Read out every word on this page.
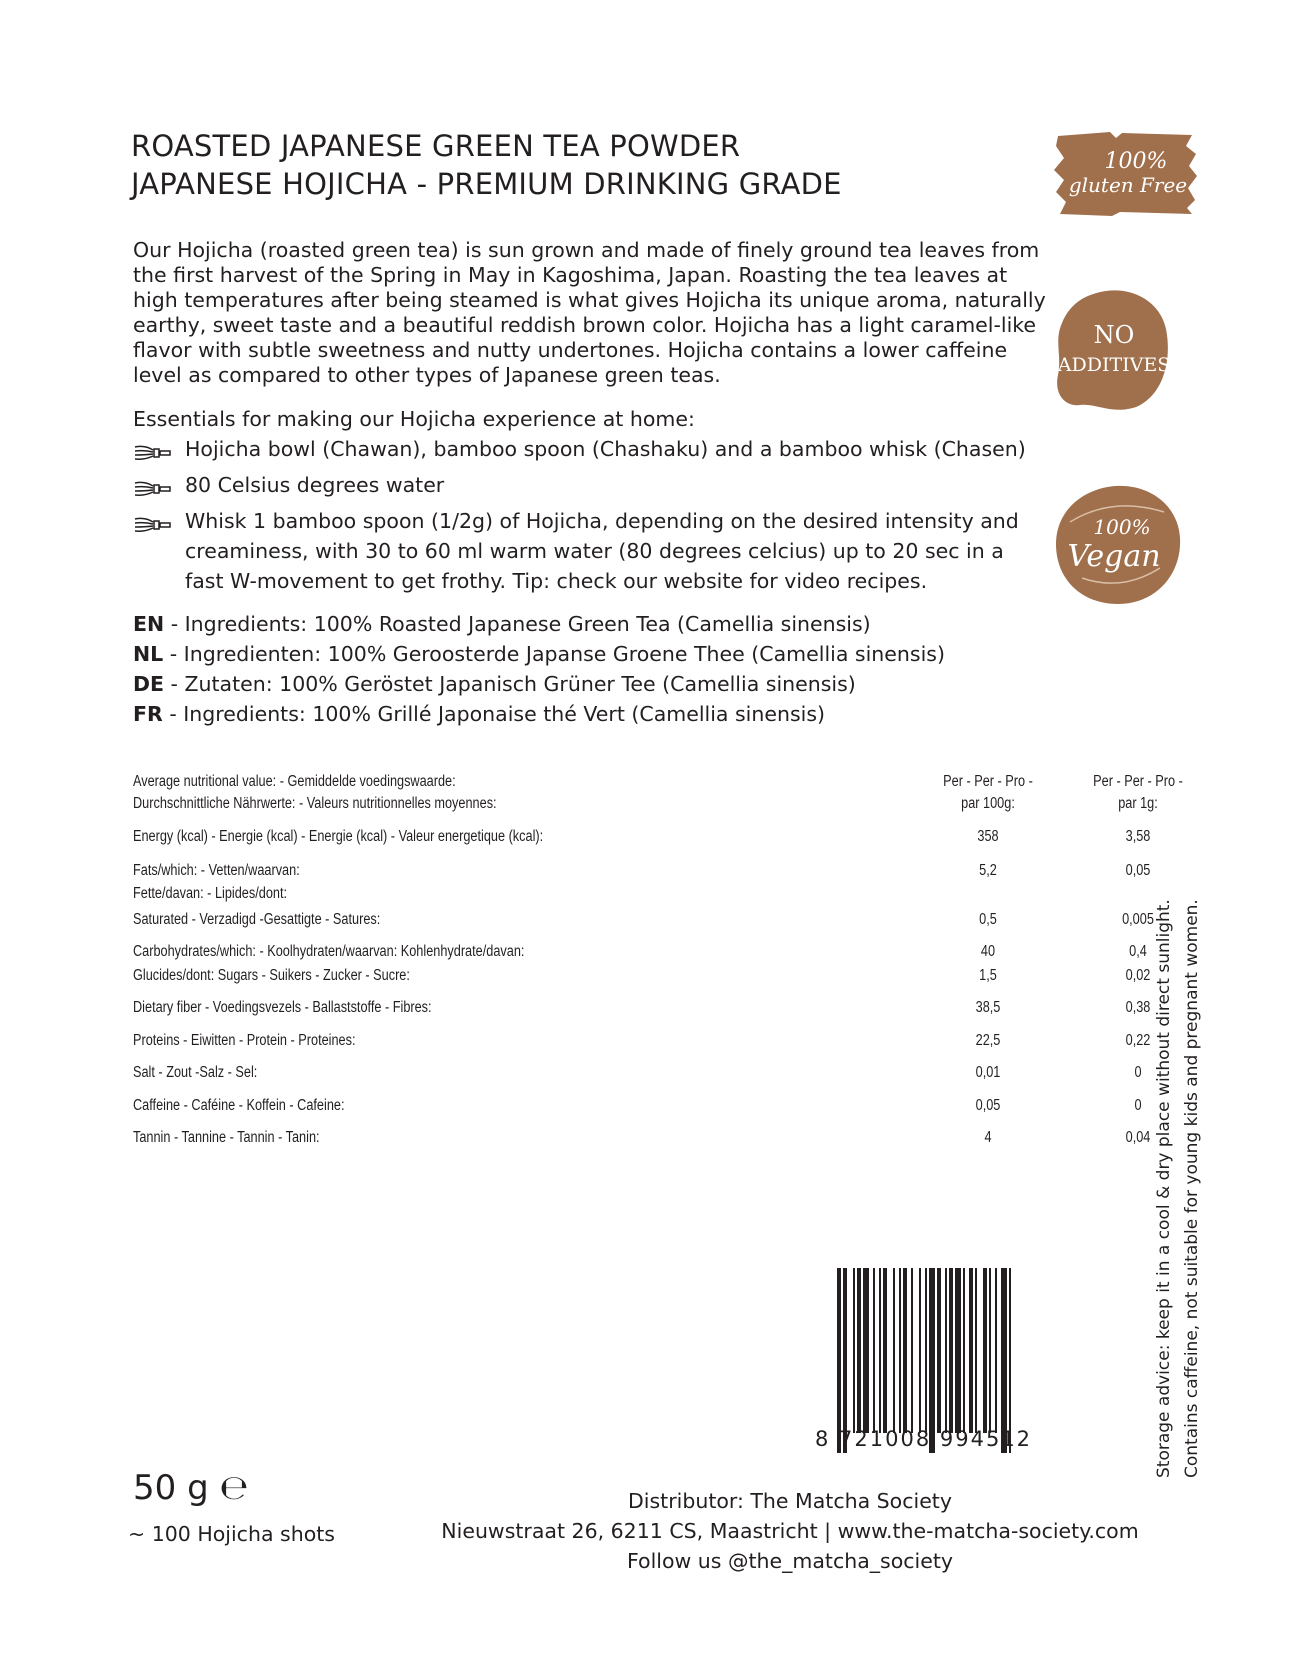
ROASTED JAPANESE GREEN TEA POWDER
JAPANESE HOJICHA - PREMIUM DRINKING GRADE
Our Hojicha (roasted green tea) is sun grown and made of finely ground tea leaves from
the first harvest of the Spring in May in Kagoshima, Japan. Roasting the tea leaves at
high temperatures after being steamed is what gives Hojicha its unique aroma, naturally
earthy, sweet taste and a beautiful reddish brown color. Hojicha has a light caramel-like
flavor with subtle sweetness and nutty undertones. Hojicha contains a lower caffeine
level as compared to other types of Japanese green teas.
Essentials for making our Hojicha experience at home:
Hojicha bowl (Chawan), bamboo spoon (Chashaku) and a bamboo whisk (Chasen)
80 Celsius degrees water
Whisk 1 bamboo spoon (1/2g) of Hojicha, depending on the desired intensity and
creaminess, with 30 to 60 ml warm water (80 degrees celcius) up to 20 sec in a
fast W-movement to get frothy. Tip: check our website for video recipes.
EN - Ingredients: 100% Roasted Japanese Green Tea (Camellia sinensis)
NL - Ingredienten: 100% Geroosterde Japanse Groene Thee (Camellia sinensis)
DE - Zutaten: 100% Geröstet Japanisch Grüner Tee (Camellia sinensis)
FR - Ingredients: 100% Grillé Japonaise thé Vert (Camellia sinensis)
Average nutritional value: - Gemiddelde voedingswaarde:	Per - Per - Pro -	Per - Per - Pro -
Durchschnittliche Nährwerte: - Valeurs nutritionnelles moyennes:	par 100g:	par 1g:
Energy (kcal) - Energie (kcal) - Energie (kcal) - Valeur energetique (kcal):	358	3,58
Fats/which: - Vetten/waarvan:	5,2	0,05
Fette/davan: - Lipides/dont:
Saturated - Verzadigd -Gesattigte - Satures:	0,5	0,005
Carbohydrates/which: - Koolhydraten/waarvan: Kohlenhydrate/davan:	40	0,4
Glucides/dont: Sugars - Suikers - Zucker - Sucre:	1,5	0,02
Dietary fiber - Voedingsvezels - Ballaststoffe - Fibres:	38,5	0,38
Proteins - Eiwitten - Protein - Proteines:	22,5	0,22
Salt - Zout -Salz - Sel:	0,01	0
Caffeine - Caféine - Koffein - Cafeine:	0,05	0
Tannin - Tannine - Tannin - Tanin:	4	0,04
100%
gluten Free
NO
ADDITIVES
100%
Vegan
Storage advice: keep it in a cool & dry place without direct sunlight. Contains caffeine, not suitable for young kids and pregnant women.
8 721008 994512
50 g ℮
~ 100 Hojicha shots
Distributor: The Matcha Society
Nieuwstraat 26, 6211 CS, Maastricht | www.the-matcha-society.com
Follow us @the_matcha_society
